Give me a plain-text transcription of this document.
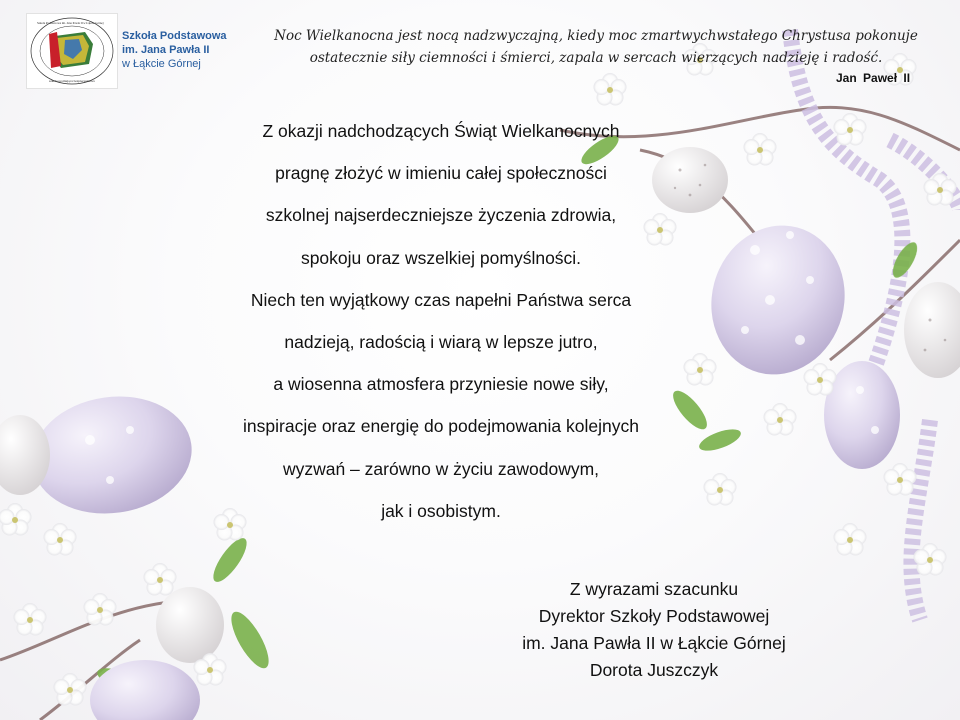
Szkoła Podstawowa im. Jana Pawła II w Łąkcie Górnej
szkoła promująca bezpieczeństwo
Szkoła Podstawowa
im. Jana Pawła II
w Łąkcie Górnej
Noc Wielkanocna jest nocą nadzwyczajną, kiedy moc zmartwychwstałego Chrystusa pokonuje
ostatecznie siły ciemności i śmierci, zapala w sercach wierzących nadzieję i radość.
Jan Paweł II
Z okazji nadchodzących Świąt Wielkanocnych
pragnę złożyć w imieniu całej społeczności
szkolnej najserdeczniejsze życzenia zdrowia,
spokoju oraz wszelkiej pomyślności.
Niech ten wyjątkowy czas napełni Państwa serca
nadzieją, radością i wiarą w lepsze jutro,
a wiosenna atmosfera przyniesie nowe siły,
inspiracje oraz energię do podejmowania kolejnych
wyzwań – zarówno w życiu zawodowym,
jak i osobistym.
Z wyrazami szacunku
Dyrektor Szkoły Podstawowej
im. Jana Pawła II w Łąkcie Górnej
Dorota Juszczyk
